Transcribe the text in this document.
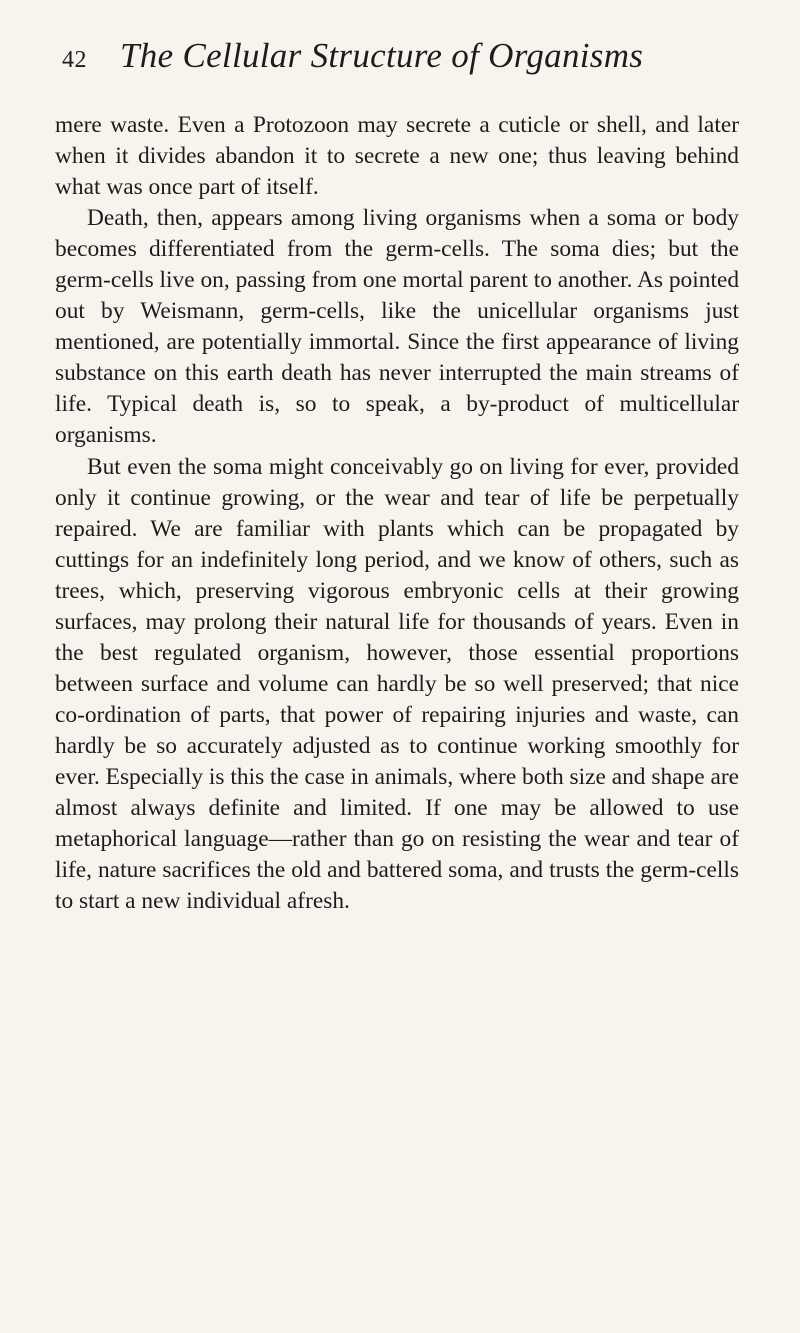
42 The Cellular Structure of Organisms

mere waste. Even a Protozoon may secrete a cuticle or shell, and later when it divides abandon it to secrete a new one; thus leaving behind what was once part of itself.

Death, then, appears among living organisms when a soma or body becomes differentiated from the germ-cells. The soma dies; but the germ-cells live on, passing from one mortal parent to another. As pointed out by Weismann, germ-cells, like the unicellular organisms just mentioned, are potentially immortal. Since the first appearance of living substance on this earth death has never interrupted the main streams of life. Typical death is, so to speak, a by-product of multicellular organisms.

But even the soma might conceivably go on living for ever, provided only it continue growing, or the wear and tear of life be perpetually repaired. We are familiar with plants which can be propagated by cuttings for an indefinitely long period, and we know of others, such as trees, which, preserving vigorous embryonic cells at their growing surfaces, may prolong their natural life for thousands of years. Even in the best regulated organism, however, those essential proportions between surface and volume can hardly be so well preserved; that nice co-ordination of parts, that power of repairing injuries and waste, can hardly be so accurately adjusted as to continue working smoothly for ever. Especially is this the case in animals, where both size and shape are almost always definite and limited. If one may be allowed to use metaphorical language—rather than go on resisting the wear and tear of life, nature sacrifices the old and battered soma, and trusts the germ-cells to start a new individual afresh.
